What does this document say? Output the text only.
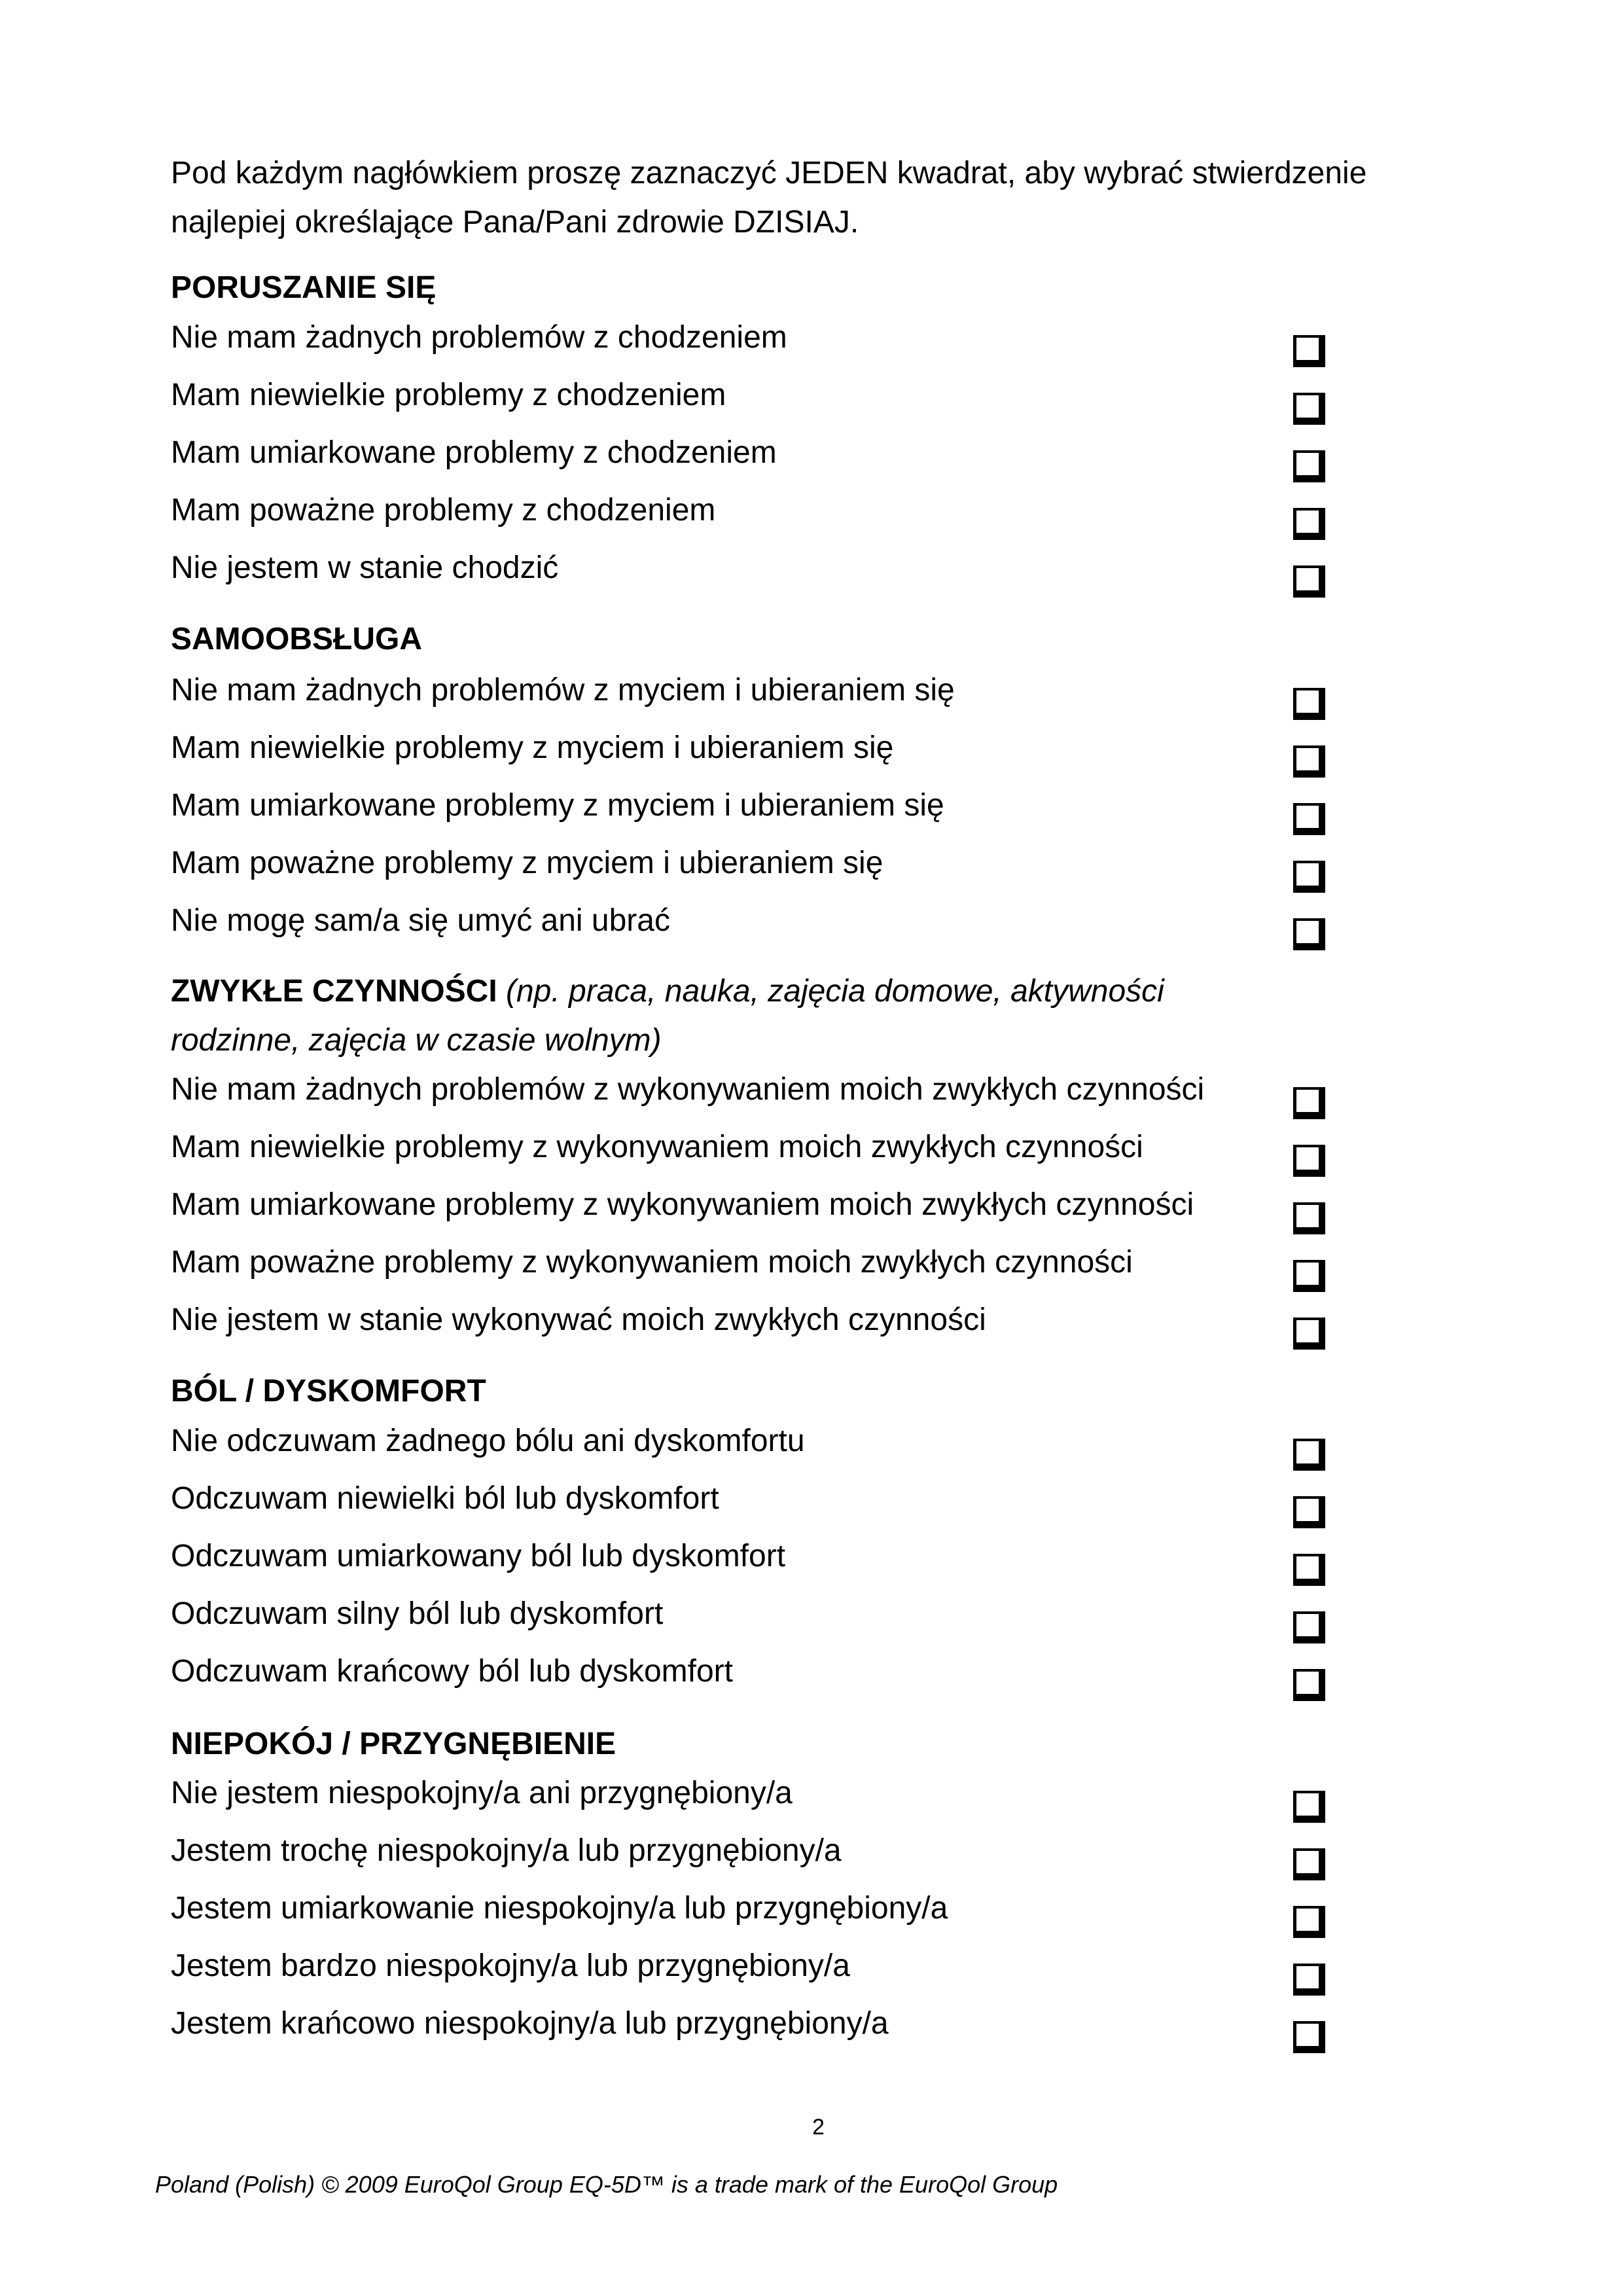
Pod każdym nagłówkiem proszę zaznaczyć JEDEN kwadrat, aby wybrać stwierdzenie

najlepiej określające Pana/Pani zdrowie DZISIAJ.

PORUSZANIE SIĘ
Nie mam żadnych problemów z chodzeniem
Mam niewielkie problemy z chodzeniem
Mam umiarkowane problemy z chodzeniem
Mam poważne problemy z chodzeniem
Nie jestem w stanie chodzić
SAMOOBSŁUGA
Nie mam żadnych problemów z myciem i ubieraniem się
Mam niewielkie problemy z myciem i ubieraniem się
Mam umiarkowane problemy z myciem i ubieraniem się
Mam poważne problemy z myciem i ubieraniem się
Nie mogę sam/a się umyć ani ubrać
ZWYKŁE CZYNNOŚCI (np. praca, nauka, zajęcia domowe, aktywności
rodzinne, zajęcia w czasie wolnym)
Nie mam żadnych problemów z wykonywaniem moich zwykłych czynności
Mam niewielkie problemy z wykonywaniem moich zwykłych czynności
Mam umiarkowane problemy z wykonywaniem moich zwykłych czynności
Mam poważne problemy z wykonywaniem moich zwykłych czynności
Nie jestem w stanie wykonywać moich zwykłych czynności
BÓL / DYSKOMFORT
Nie odczuwam żadnego bólu ani dyskomfortu
Odczuwam niewielki ból lub dyskomfort
Odczuwam umiarkowany ból lub dyskomfort
Odczuwam silny ból lub dyskomfort
Odczuwam krańcowy ból lub dyskomfort
NIEPOKÓJ / PRZYGNĘBIENIE
Nie jestem niespokojny/a ani przygnębiony/a
Jestem trochę niespokojny/a lub przygnębiony/a
Jestem umiarkowanie niespokojny/a lub przygnębiony/a
Jestem bardzo niespokojny/a lub przygnębiony/a
Jestem krańcowo niespokojny/a lub przygnębiony/a
2
Poland (Polish) © 2009 EuroQol Group EQ-5D™ is a trade mark of the EuroQol Group
